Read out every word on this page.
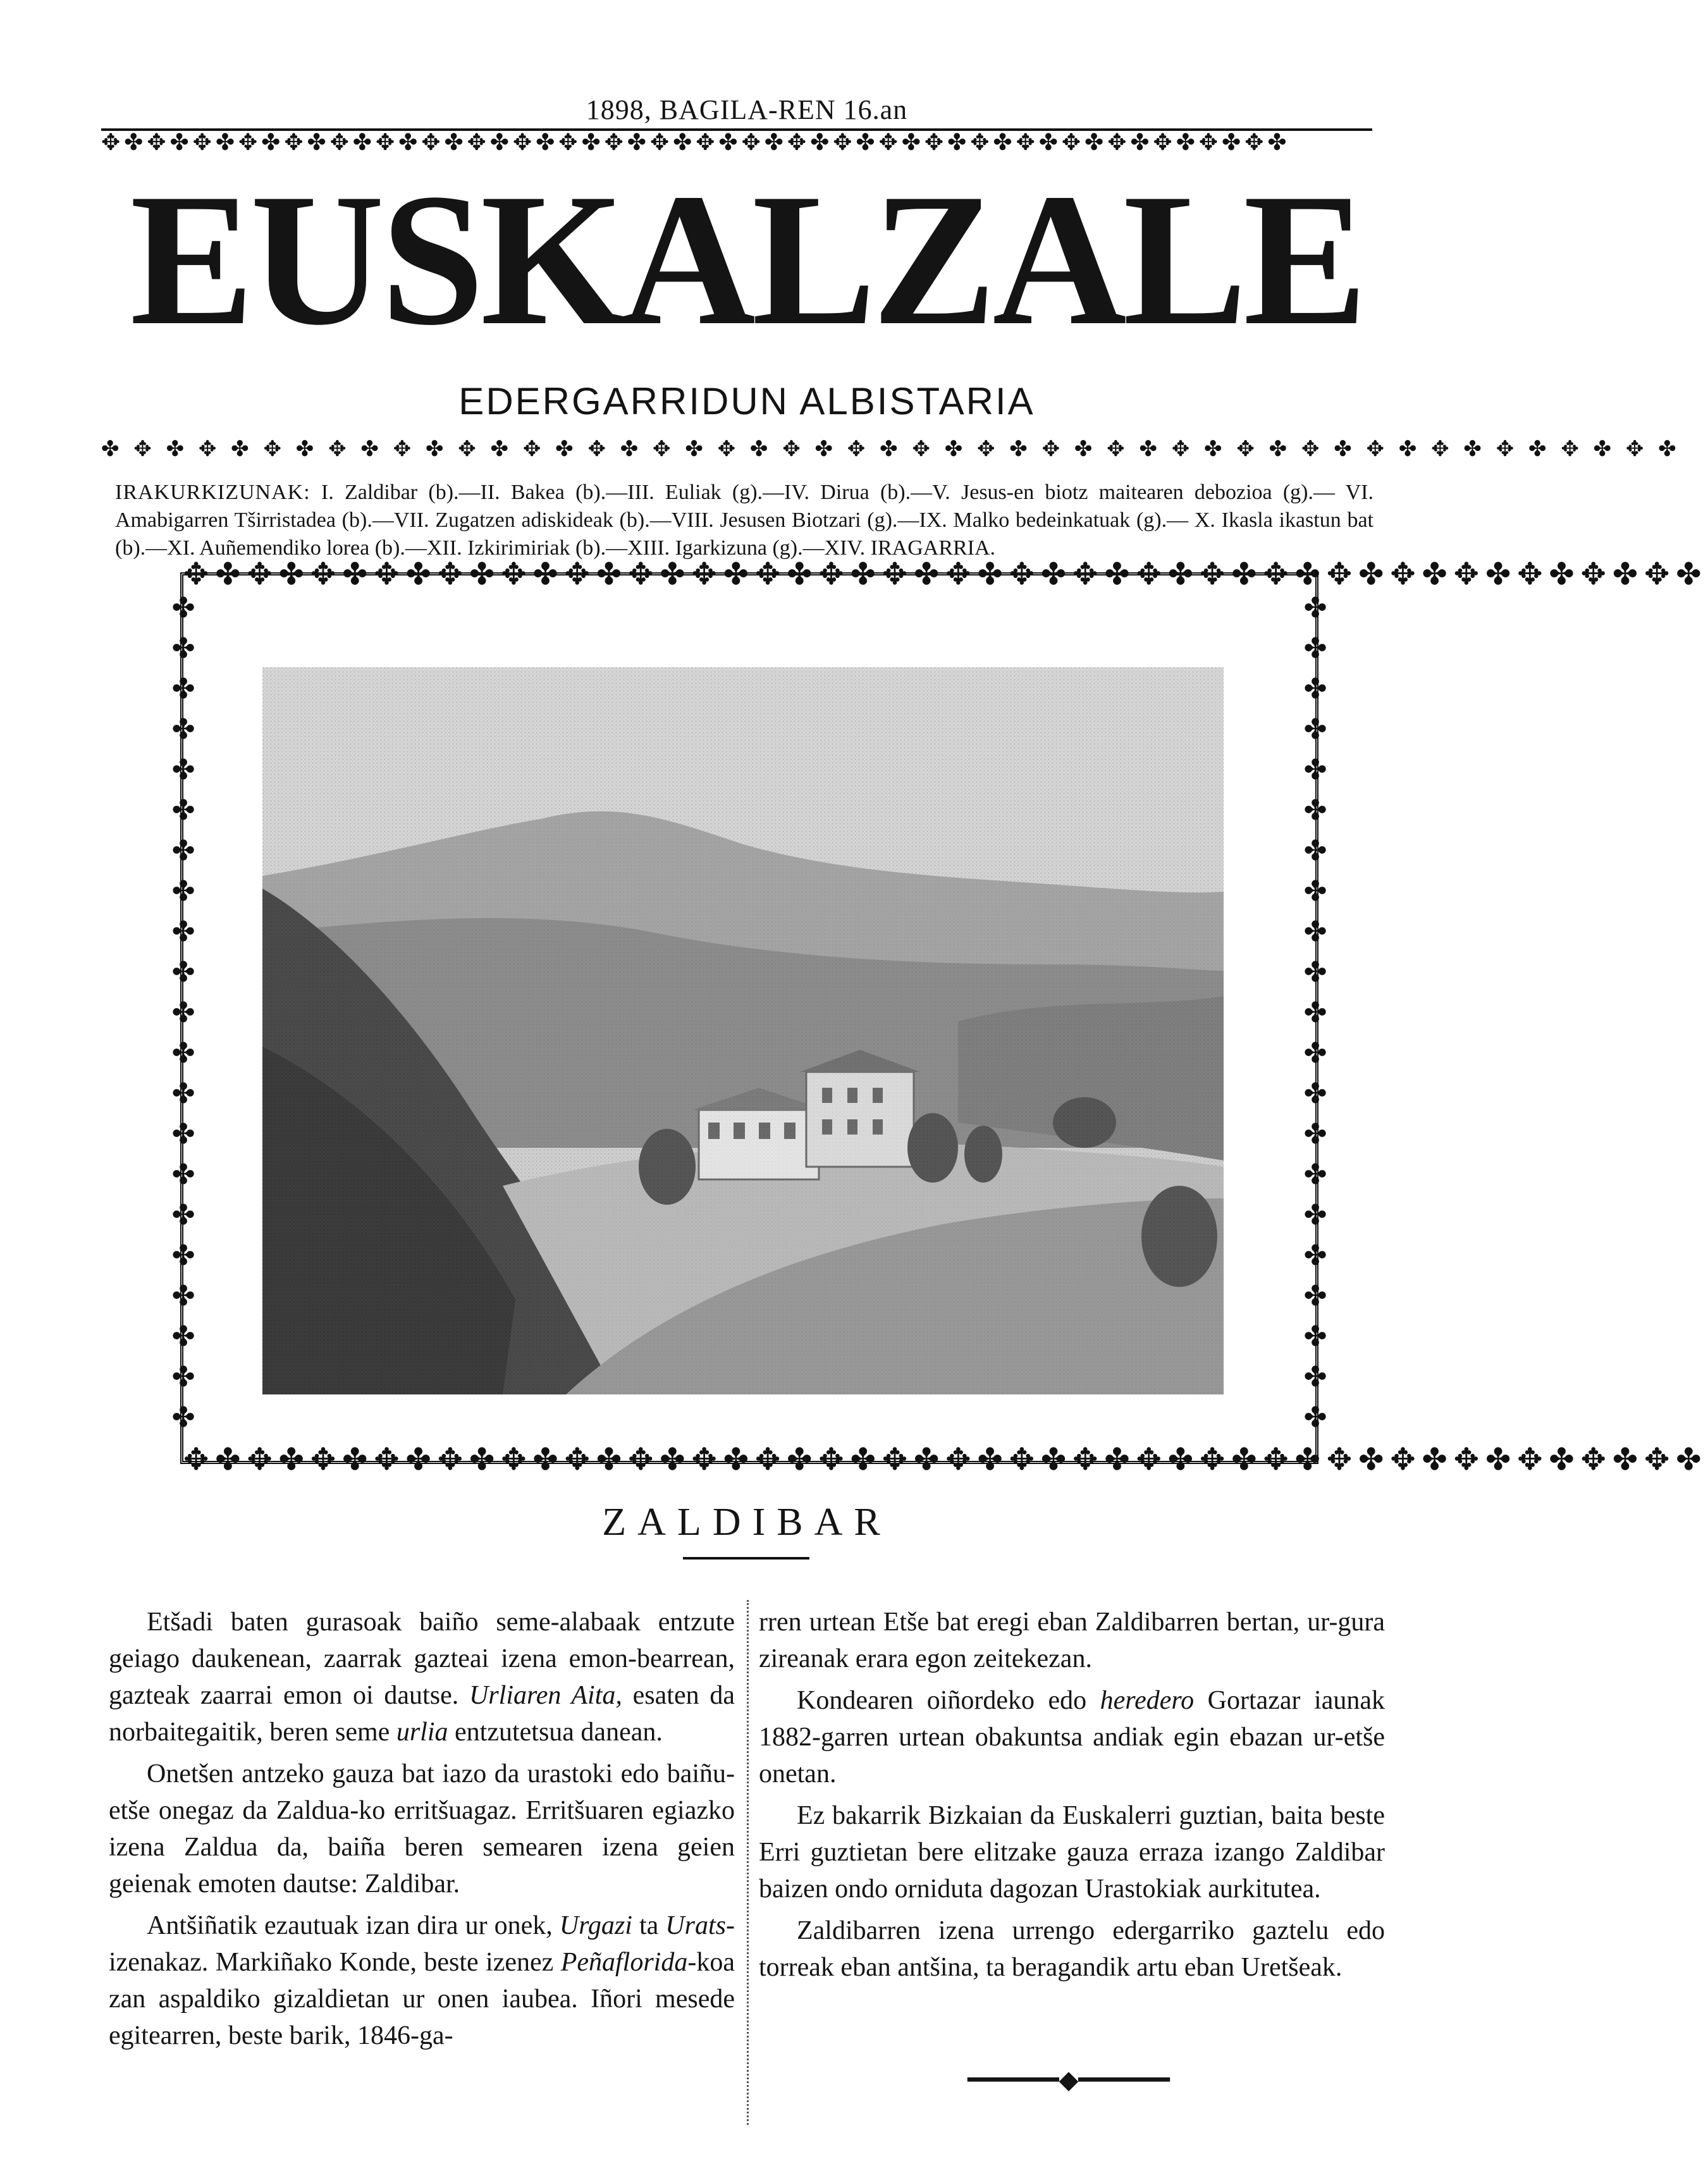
1898, BAGILA-REN 16.an
✥✤✥✤✥✤✥✤✥✤✥✤✥✤✥✤✥✤✥✤✥✤✥✤✥✤✥✤✥✤✥✤✥✤✥✤✥✤✥✤✥✤✥✤✥✤✥✤✥✤✥✤
EUSKALZALE
EDERGARRIDUN ALBISTARIA
✤ ✥ ✤ ✥ ✤ ✥ ✤ ✥ ✤ ✥ ✤ ✥ ✤ ✥ ✤ ✥ ✤ ✥ ✤ ✥ ✤ ✥ ✤ ✥ ✤ ✥ ✤ ✥ ✤ ✥ ✤ ✥ ✤ ✥ ✤ ✥ ✤ ✥ ✤ ✥ ✤ ✥ ✤ ✥ ✤ ✥ ✤ ✥ ✤
IRAKURKIZUNAK: I. Zaldibar (b).—II. Bakea (b).—III. Euliak (g).—IV. Dirua (b).—V. Jesus-en biotz maitearen debozioa (g).— VI. Amabigarren Tširristadea (b).—VII. Zugatzen adiskideak (b).—VIII. Jesusen Biotzari (g).—IX. Malko bedeinkatuak (g).— X. Ikasla ikastun bat (b).—XI. Auñemendiko lorea (b).—XII. Izkirimiriak (b).—XIII. Igarkizuna (g).—XIV. IRAGARRIA.
✥✤✥✤✥✤✥✤✥✤✥✤✥✤✥✤✥✤✥✤✥✤✥✤✥✤✥✤✥✤✥✤✥✤✥✤✥✤✥✤✥✤✥✤✥✤✥✤
✤ ✤ ✤ ✤ ✤ ✤ ✤ ✤ ✤ ✤ ✤ ✤ ✤ ✤ ✤ ✤ ✤ ✤ ✤ ✤ ✤
✤ ✤ ✤ ✤ ✤ ✤ ✤ ✤ ✤ ✤ ✤ ✤ ✤ ✤ ✤ ✤ ✤ ✤ ✤ ✤ ✤
✥✤✥✤✥✤✥✤✥✤✥✤✥✤✥✤✥✤✥✤✥✤✥✤✥✤✥✤✥✤✥✤✥✤✥✤✥✤✥✤✥✤✥✤✥✤✥✤
ZALDIBAR

Etšadi baten gurasoak baiño seme-alabaak entzute geiago daukenean, zaarrak gazteai izena emon-bearrean, gazteak zaarrai emon oi dautse. Urliaren Aita, esaten da norbaitegaitik, beren seme urlia entzutetsua danean.

Onetšen antzeko gauza bat iazo da urastoki edo baiñu-etše onegaz da Zaldua-ko erritšuagaz. Erritšuaren egiazko izena Zaldua da, baiña beren semearen izena geien geienak emoten dautse: Zaldibar.

Antšiñatik ezautuak izan dira ur onek, Urgazi ta Urats-izenakaz. Markiñako Konde, beste izenez Peñaflorida-koa zan aspaldiko gizaldietan ur onen iaubea. Iñori mesede egitearren, beste barik, 1846-ga-

rren urtean Etše bat eregi eban Zaldibarren bertan, ur-gura zireanak erara egon zeitekezan.

Kondearen oiñordeko edo heredero Gortazar iaunak 1882-garren urtean obakuntsa andiak egin ebazan ur-etše onetan.

Ez bakarrik Bizkaian da Euskalerri guztian, baita beste Erri guztietan bere elitzake gauza erraza izango Zaldibar baizen ondo orniduta dagozan Urastokiak aurkitutea.

Zaldibarren izena urrengo edergarriko gaztelu edo torreak eban antšina, ta beragandik artu eban Uretšeak.

━━━━━━◆━━━━━━
